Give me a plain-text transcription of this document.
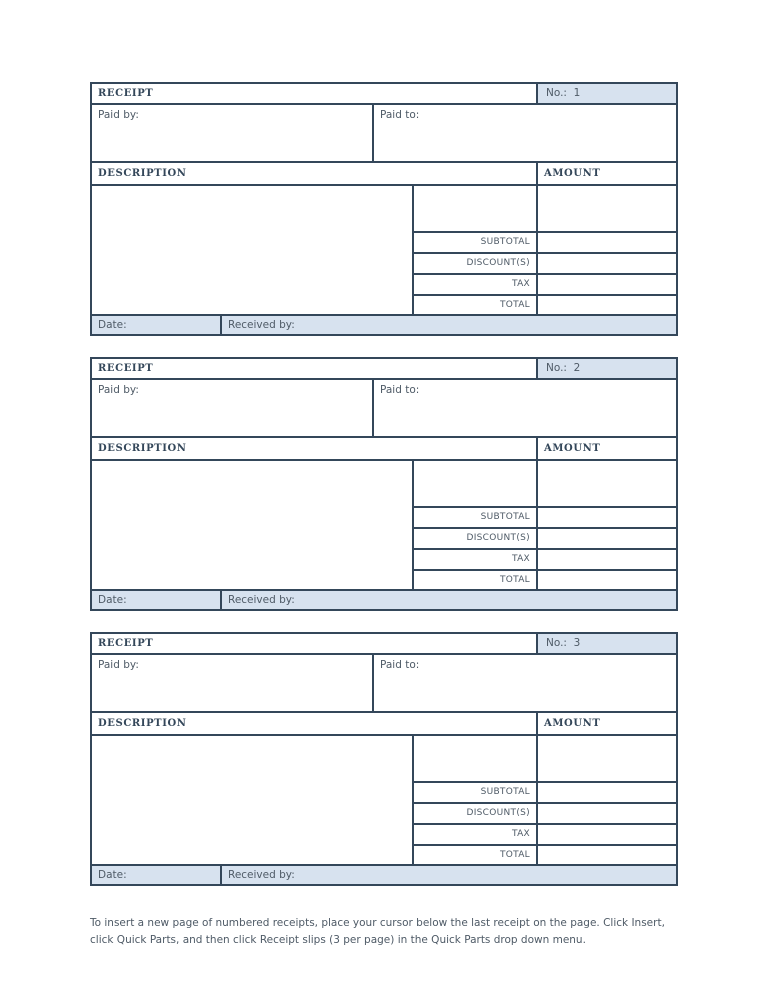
RECEIPT	No.: 1
Paid by:	Paid to:
DESCRIPTION	AMOUNT
SUBTOTAL
DISCOUNT(S)
TAX
TOTAL
Date:	Received by:
RECEIPT	No.: 2
Paid by:	Paid to:
DESCRIPTION	AMOUNT
SUBTOTAL
DISCOUNT(S)
TAX
TOTAL
Date:	Received by:
RECEIPT	No.: 3
Paid by:	Paid to:
DESCRIPTION	AMOUNT
SUBTOTAL
DISCOUNT(S)
TAX
TOTAL
Date:	Received by:
To insert a new page of numbered receipts, place your cursor below the last receipt on the page. Click Insert, click Quick Parts, and then click Receipt slips (3 per page) in the Quick Parts drop down menu.
